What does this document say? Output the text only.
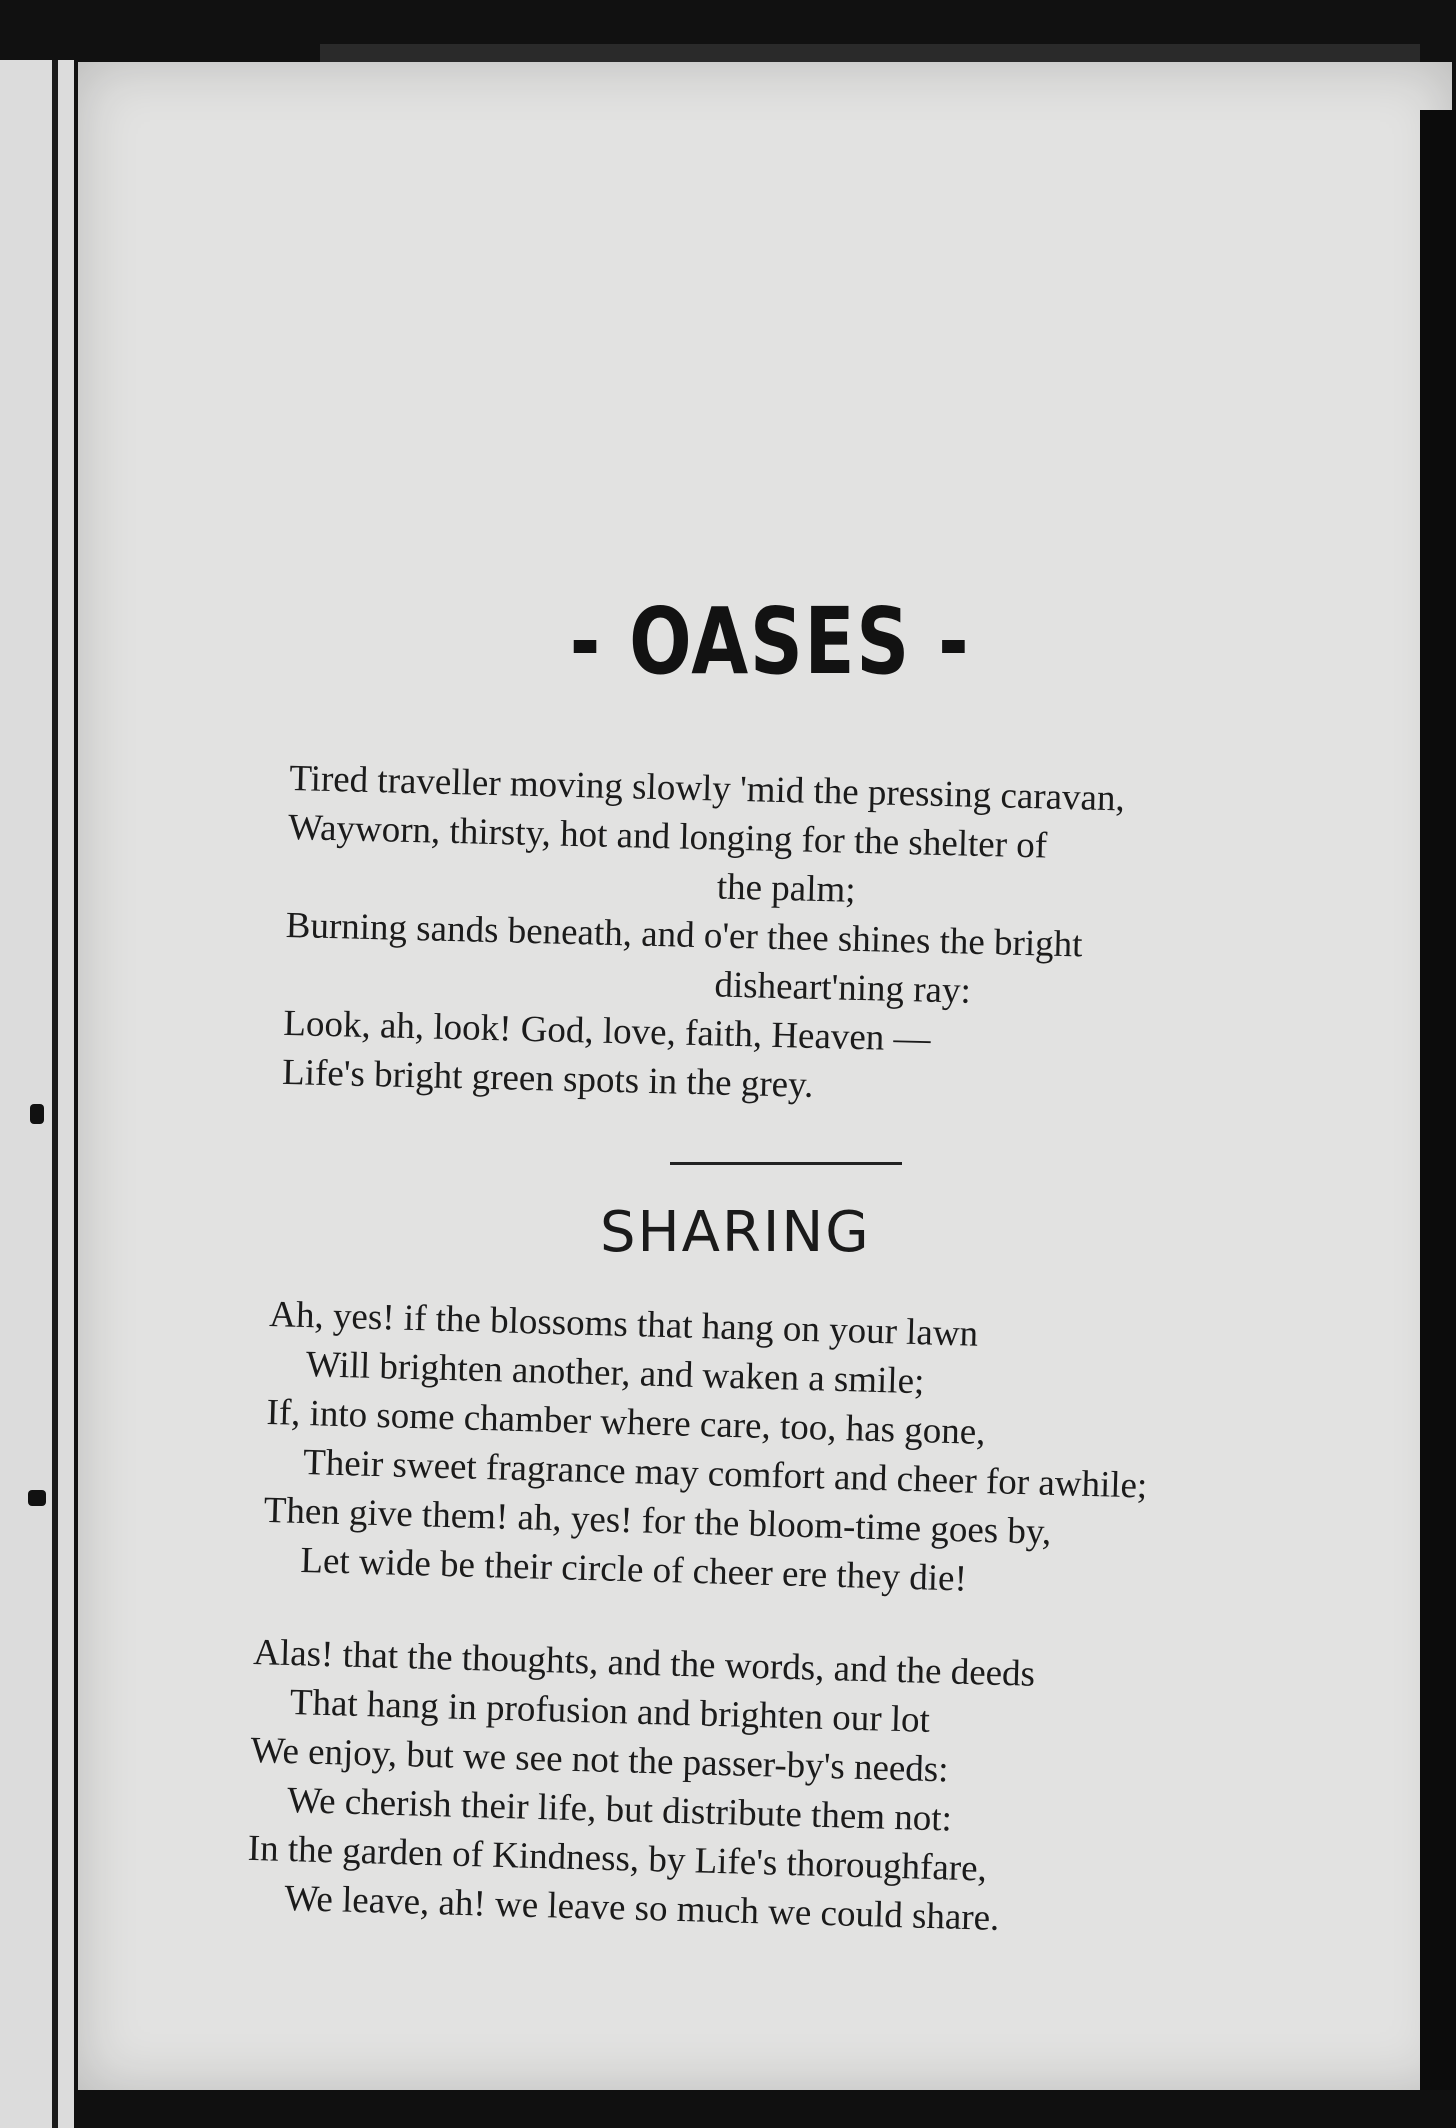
- OASES -

Tired traveller moving slowly 'mid the pressing caravan,
Wayworn, thirsty, hot and longing for the shelter of
the palm;
Burning sands beneath, and o'er thee shines the bright
disheart'ning ray:
Look, ah, look! God, love, faith, Heaven —
Life's bright green spots in the grey.

SHARING

Ah, yes! if the blossoms that hang on your lawn
Will brighten another, and waken a smile;
If, into some chamber where care, too, has gone,
Their sweet fragrance may comfort and cheer for awhile;
Then give them! ah, yes! for the bloom-time goes by,
Let wide be their circle of cheer ere they die!

Alas! that the thoughts, and the words, and the deeds
That hang in profusion and brighten our lot
We enjoy, but we see not the passer-by's needs:
We cherish their life, but distribute them not:
In the garden of Kindness, by Life's thoroughfare,
We leave, ah! we leave so much we could share.
